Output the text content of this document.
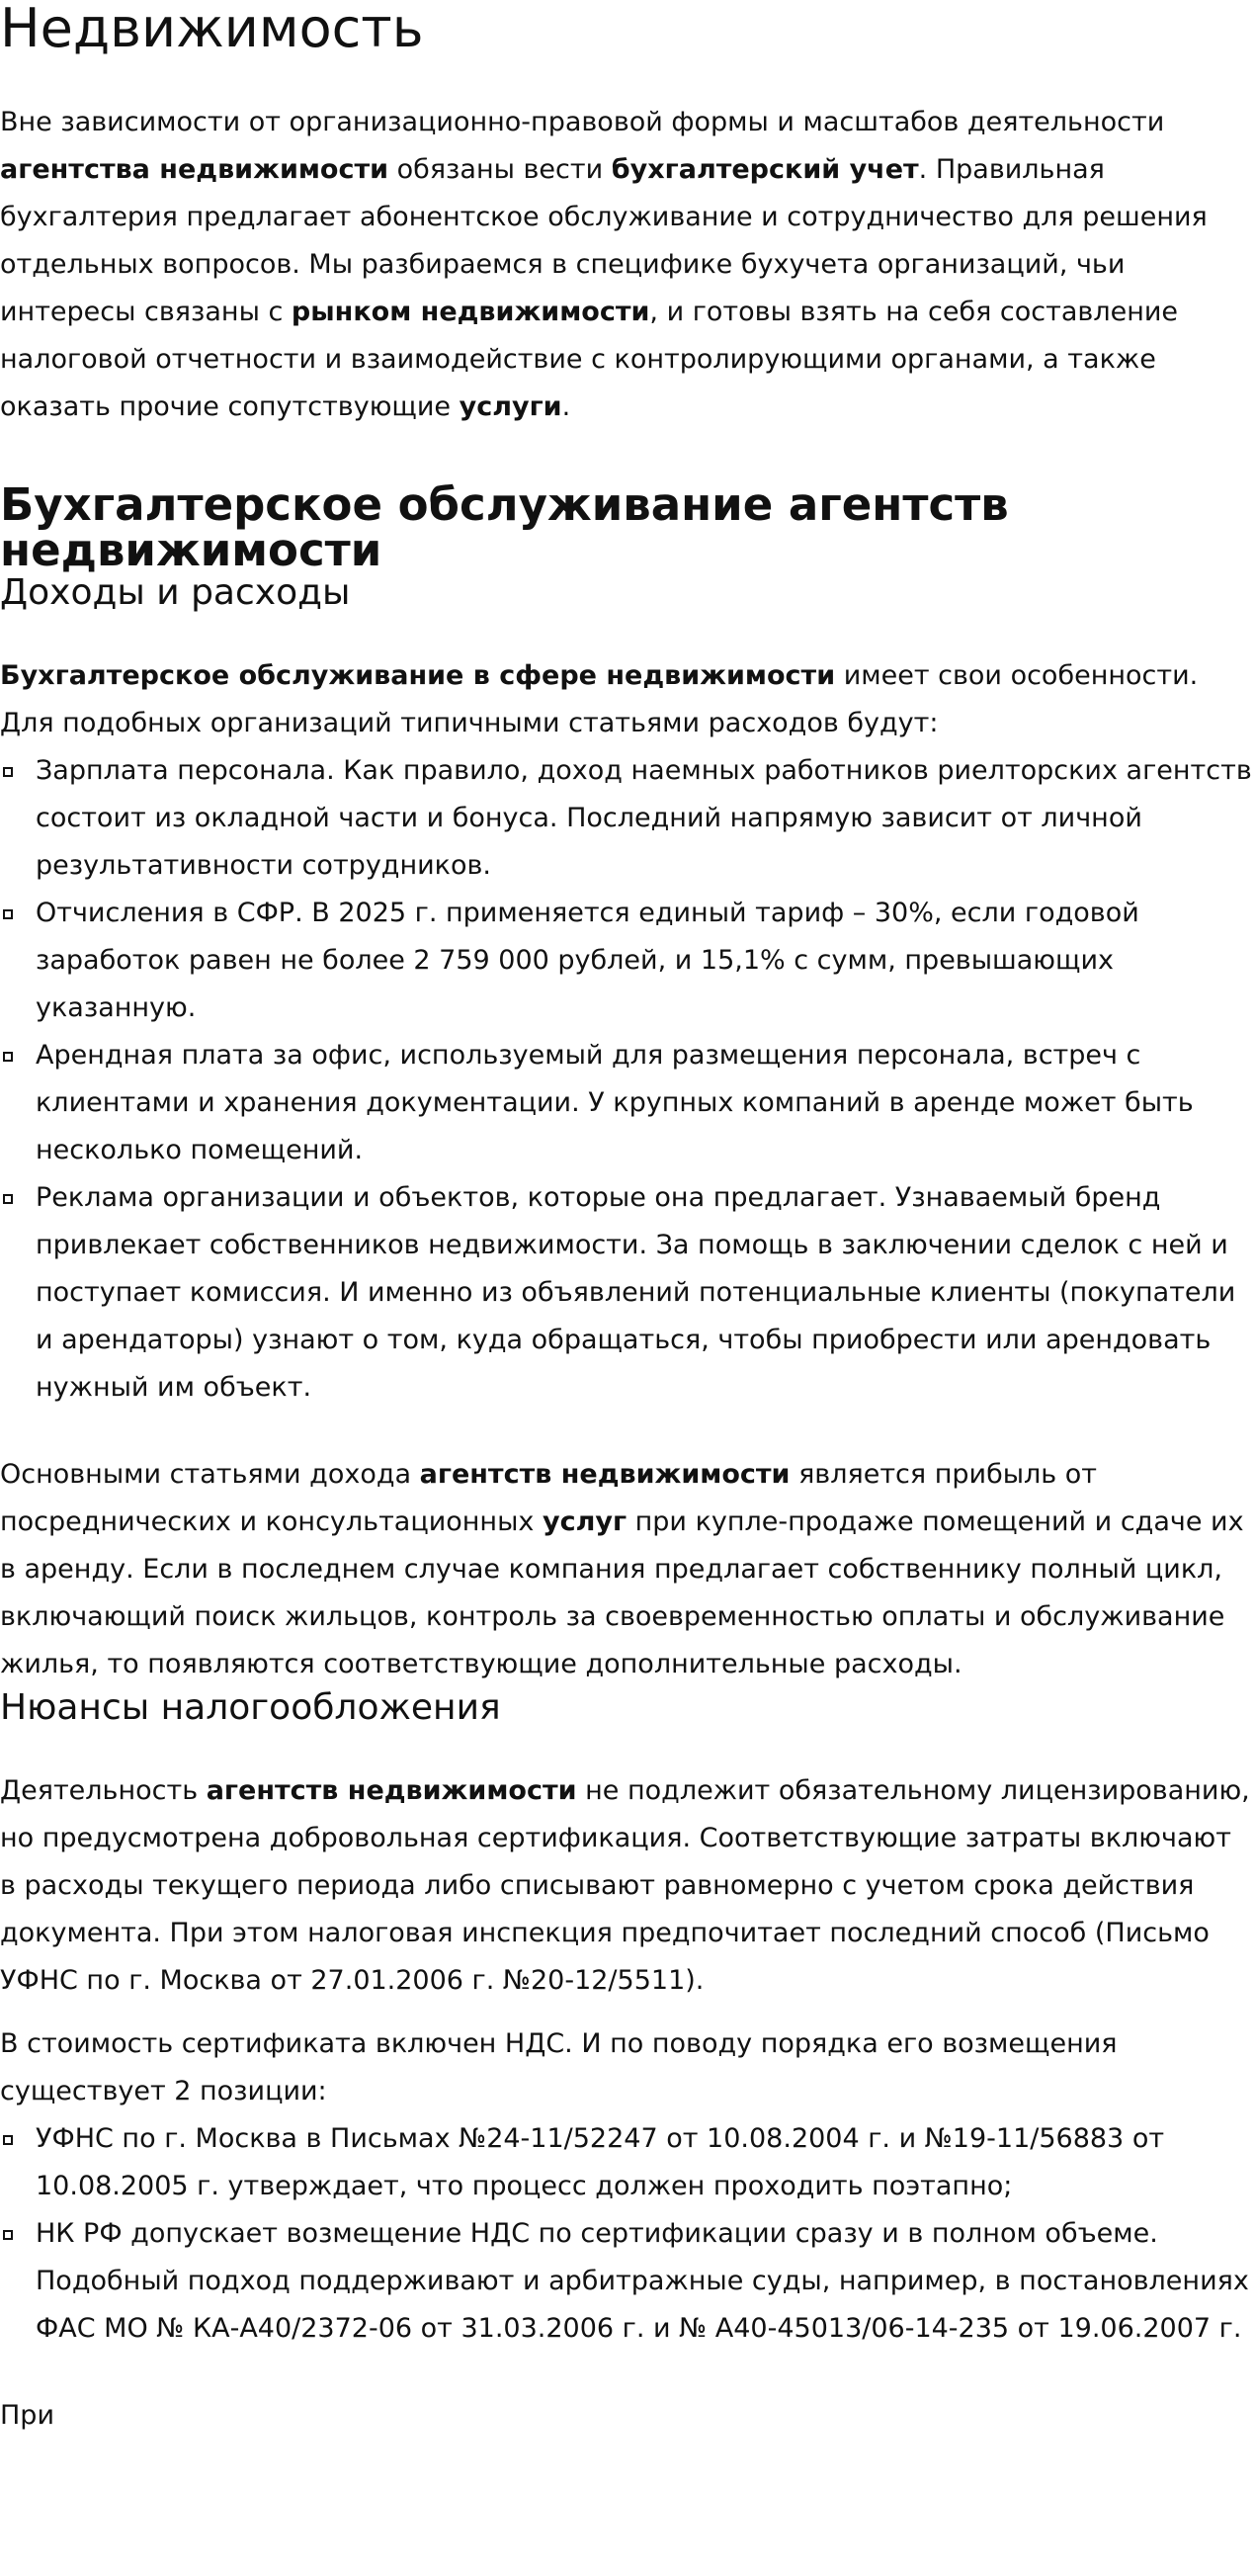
Недвижимость

Вне зависимости от организационно-правовой формы и масштабов деятельности агентства недвижимости обязаны вести бухгалтерский учет. Правильная бухгалтерия предлагает абонентское обслуживание и сотрудничество для решения отдельных вопросов. Мы разбираемся в специфике бухучета организаций, чьи интересы связаны с рынком недвижимости, и готовы взять на себя составление налоговой отчетности и взаимодействие с контролирующими органами, а также оказать прочие сопутствующие услуги.

Бухгалтерское обслуживание агентств недвижимости
Доходы и расходы

Бухгалтерское обслуживание в сфере недвижимости имеет свои особенности. Для подобных организаций типичными статьями расходов будут:

Зарплата персонала. Как правило, доход наемных работников риелторских агентств состоит из окладной части и бонуса. Последний напрямую зависит от личной результативности сотрудников.
Отчисления в СФР. В 2025 г. применяется единый тариф – 30%, если годовой заработок равен не более 2 759 000 рублей, и 15,1% с сумм, превышающих указанную.
Арендная плата за офис, используемый для размещения персонала, встреч с клиентами и хранения документации. У крупных компаний в аренде может быть несколько помещений.
Реклама организации и объектов, которые она предлагает. Узнаваемый бренд привлекает собственников недвижимости. За помощь в заключении сделок с ней и поступает комиссия. И именно из объявлений потенциальные клиенты (покупатели и арендаторы) узнают о том, куда обращаться, чтобы приобрести или арендовать нужный им объект.

Основными статьями дохода агентств недвижимости является прибыль от посреднических и консультационных услуг при купле-продаже помещений и сдаче их в аренду. Если в последнем случае компания предлагает собственнику полный цикл, включающий поиск жильцов, контроль за своевременностью оплаты и обслуживание жилья, то появляются соответствующие дополнительные расходы.

Нюансы налогообложения

Деятельность агентств недвижимости не подлежит обязательному лицензированию, но предусмотрена добровольная сертификация. Соответствующие затраты включают в расходы текущего периода либо списывают равномерно с учетом срока действия документа. При этом налоговая инспекция предпочитает последний способ (Письмо УФНС по г. Москва от 27.01.2006 г. №20-12/5511).

В стоимость сертификата включен НДС. И по поводу порядка его возмещения существует 2 позиции:

УФНС по г. Москва в Письмах №24-11/52247 от 10.08.2004 г. и №19-11/56883 от 10.08.2005 г. утверждает, что процесс должен проходить поэтапно;
НК РФ допускает возмещение НДС по сертификации сразу и в полном объеме. Подобный подход поддерживают и арбитражные суды, например, в постановлениях ФАС МО № КА-А40/2372-06 от 31.03.2006 г. и № А40-45013/06-14-235 от 19.06.2007 г.

При
